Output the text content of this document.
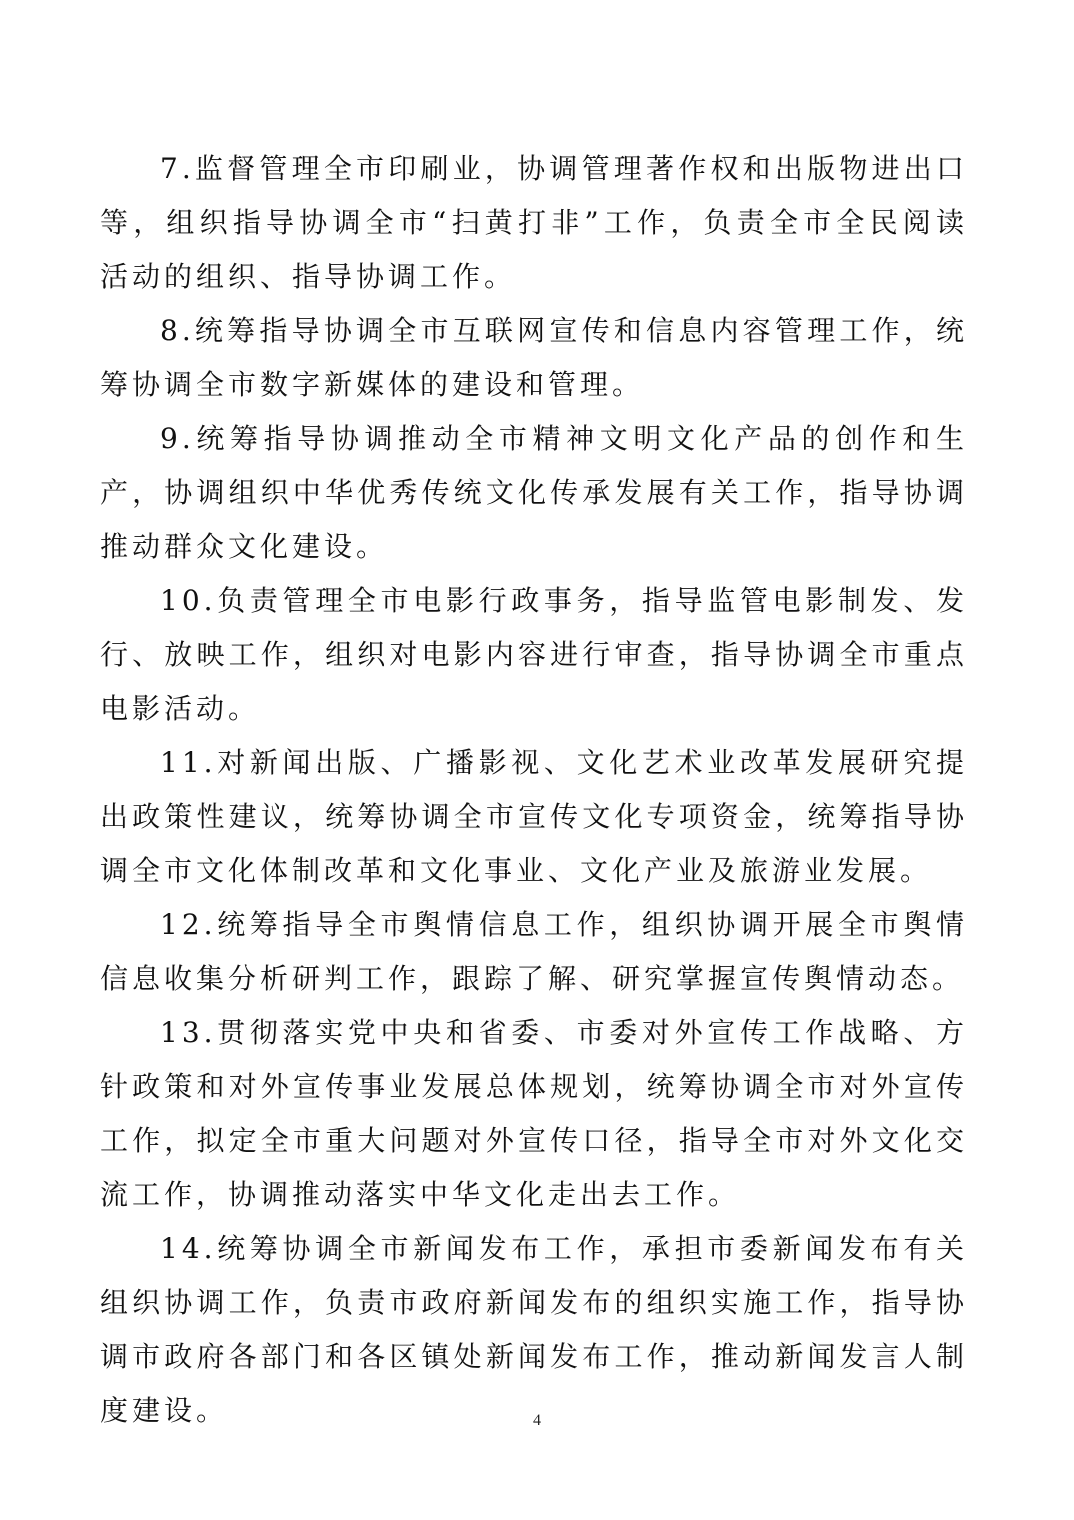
7.监督管理全市印刷业，协调管理著作权和出版物进出口等，组织指导协调全市“扫黄打非”工作，负责全市全民阅读活动的组织、指导协调工作。

8.统筹指导协调全市互联网宣传和信息内容管理工作，统筹协调全市数字新媒体的建设和管理。

9.统筹指导协调推动全市精神文明文化产品的创作和生产，协调组织中华优秀传统文化传承发展有关工作，指导协调推动群众文化建设。

10.负责管理全市电影行政事务，指导监管电影制发、发行、放映工作，组织对电影内容进行审查，指导协调全市重点电影活动。

11.对新闻出版、广播影视、文化艺术业改革发展研究提出政策性建议，统筹协调全市宣传文化专项资金，统筹指导协调全市文化体制改革和文化事业、文化产业及旅游业发展。

12.统筹指导全市舆情信息工作，组织协调开展全市舆情信息收集分析研判工作，跟踪了解、研究掌握宣传舆情动态。

13.贯彻落实党中央和省委、市委对外宣传工作战略、方针政策和对外宣传事业发展总体规划，统筹协调全市对外宣传工作，拟定全市重大问题对外宣传口径，指导全市对外文化交流工作，协调推动落实中华文化走出去工作。

14.统筹协调全市新闻发布工作，承担市委新闻发布有关组织协调工作，负责市政府新闻发布的组织实施工作，指导协调市政府各部门和各区镇处新闻发布工作，推动新闻发言人制度建设。	4
